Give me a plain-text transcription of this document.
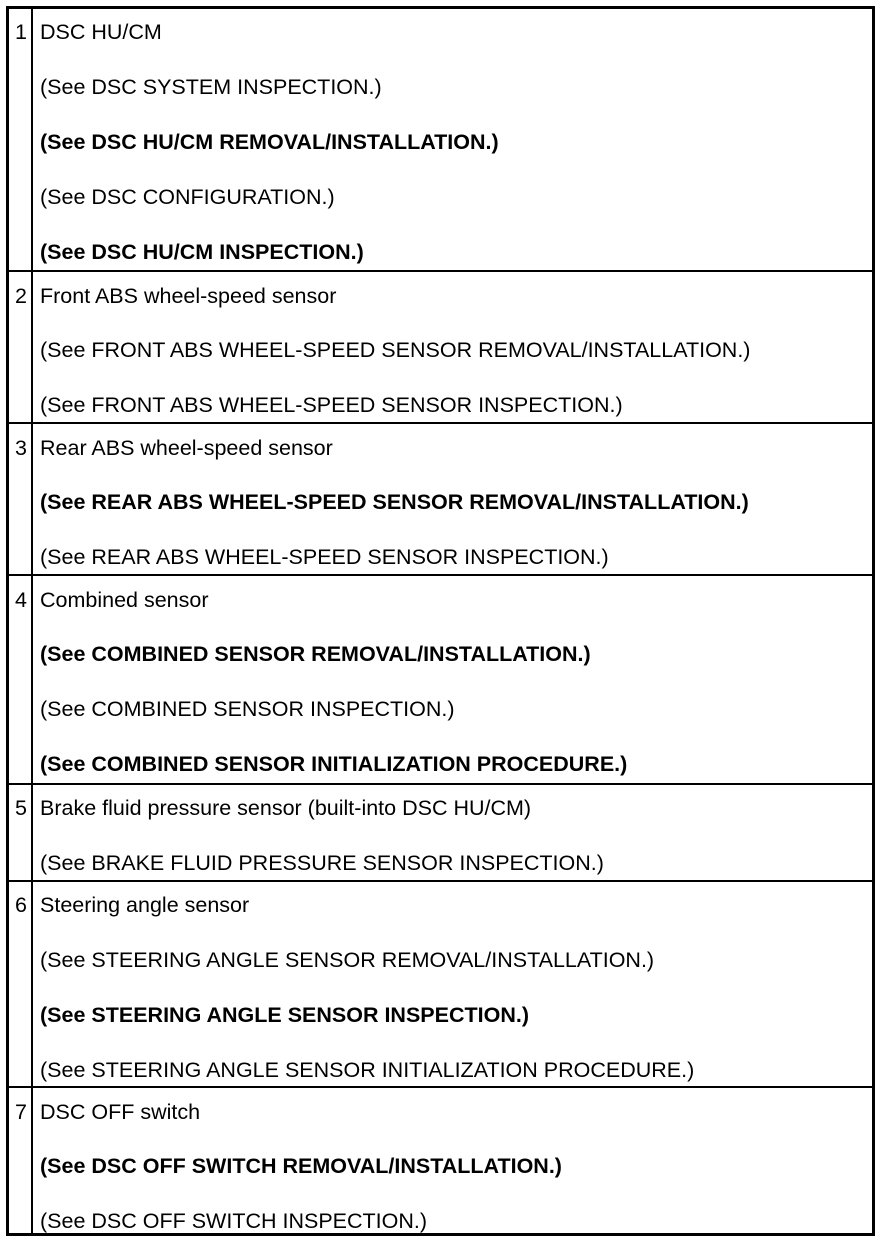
1 DSC HU/CM
(See DSC SYSTEM INSPECTION.)
(See DSC HU/CM REMOVAL/INSTALLATION.)
(See DSC CONFIGURATION.)
(See DSC HU/CM INSPECTION.)
2 Front ABS wheel-speed sensor
(See FRONT ABS WHEEL-SPEED SENSOR REMOVAL/INSTALLATION.)
(See FRONT ABS WHEEL-SPEED SENSOR INSPECTION.)
3 Rear ABS wheel-speed sensor
(See REAR ABS WHEEL-SPEED SENSOR REMOVAL/INSTALLATION.)
(See REAR ABS WHEEL-SPEED SENSOR INSPECTION.)
4 Combined sensor
(See COMBINED SENSOR REMOVAL/INSTALLATION.)
(See COMBINED SENSOR INSPECTION.)
(See COMBINED SENSOR INITIALIZATION PROCEDURE.)
5 Brake fluid pressure sensor (built-into DSC HU/CM)
(See BRAKE FLUID PRESSURE SENSOR INSPECTION.)
6 Steering angle sensor
(See STEERING ANGLE SENSOR REMOVAL/INSTALLATION.)
(See STEERING ANGLE SENSOR INSPECTION.)
(See STEERING ANGLE SENSOR INITIALIZATION PROCEDURE.)
7 DSC OFF switch
(See DSC OFF SWITCH REMOVAL/INSTALLATION.)
(See DSC OFF SWITCH INSPECTION.)
